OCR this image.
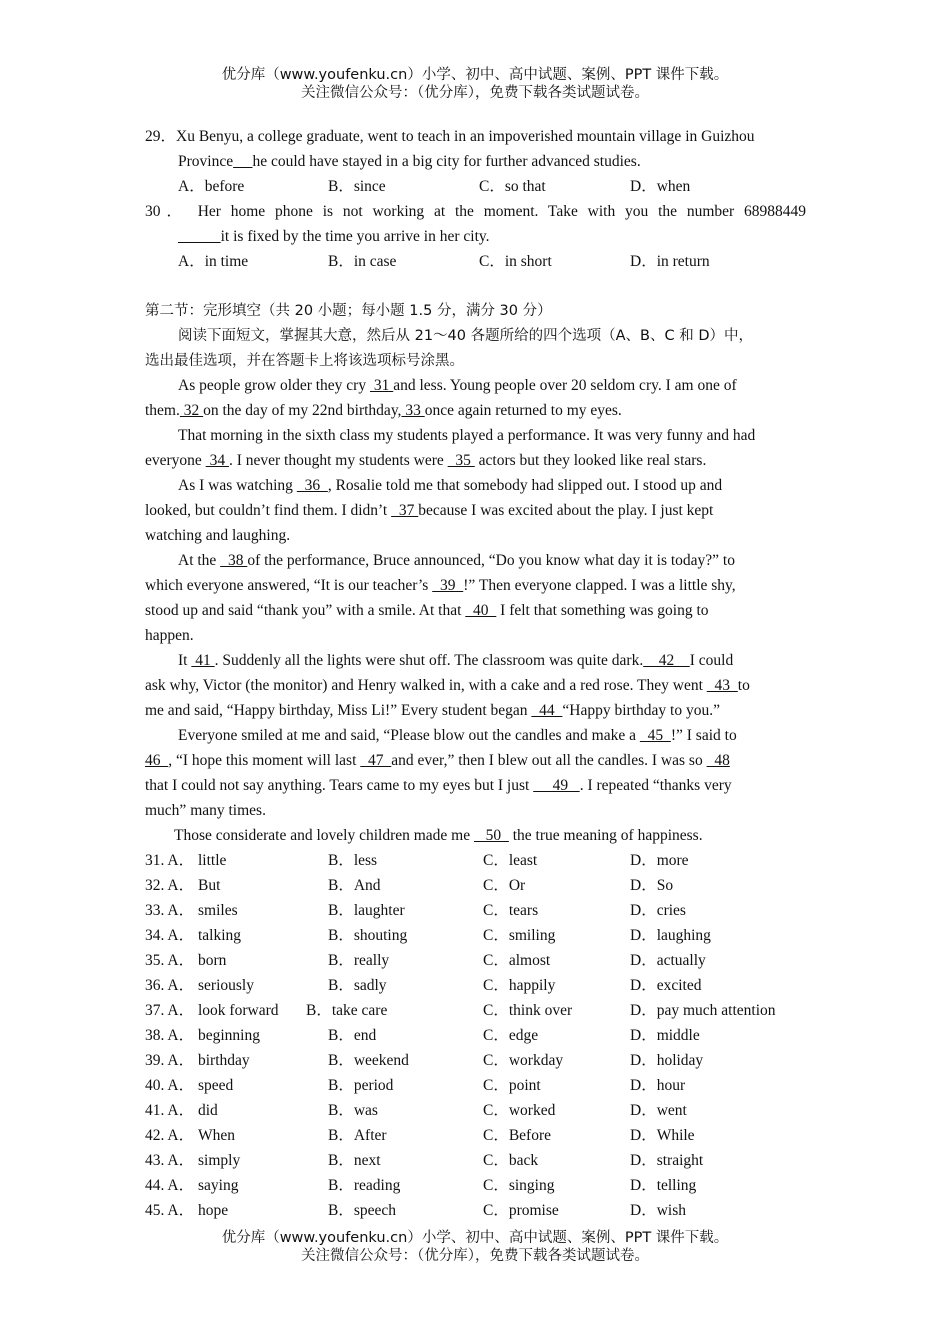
优分库（www.youfenku.cn）小学、初中、高中试题、案例、PPT 课件下载。
关注微信公众号：（优分库），免费下载各类试题试卷。
29．Xu Benyu, a college graduate, went to teach in an impoverished mountain village in Guizhou
Province he could have stayed in a big city for further advanced studies.
A．before	B．since	C．so that	D．when
30． Her home phone is not working at the moment. Take with you the number 68988449
it is fixed by the time you arrive in her city.
A．in time	B．in case	C．in short	D．in return
第二节：完形填空（共 20 小题；每小题 1.5 分，满分 30 分）
阅读下面短文，掌握其大意，然后从 21～40 各题所给的四个选项（A、B、C 和 D）中，
选出最佳选项，并在答题卡上将该选项标号涂黑。
As people grow older they cry  31 and less. Young people over 20 seldom cry. I am one of
them. 32 on the day of my 22nd birthday, 33 once again returned to my eyes.
That morning in the sixth class my students played a performance. It was very funny and had
everyone  34 . I never thought my students were   35  actors but they looked like real stars.
As I was watching   36  , Rosalie told me that somebody had slipped out. I stood up and
looked, but couldn’t find them. I didn’t   37 because I was excited about the play. I just kept
watching and laughing.
At the   38 of the performance, Bruce announced, “Do you know what day it is today?” to
which everyone answered, “It is our teacher’s   39  !” Then everyone clapped. I was a little shy,
stood up and said “thank you” with a smile. At that   40   I felt that something was going to
happen.
It  41 . Suddenly all the lights were shut off. The classroom was quite dark.    42    I could
ask why, Victor (the monitor) and Henry walked in, with a cake and a red rose. They went   43  to
me and said, “Happy birthday, Miss Li!” Every student began   44  “Happy birthday to you.”
Everyone smiled at me and said, “Please blow out the candles and make a   45  !” I said to
46  , “I hope this moment will last   47  and ever,” then I blew out all the candles. I was so   48
that I could not say anything. Tears came to my eyes but I just      49   . I repeated “thanks very
much” many times.
Those considerate and lovely children made me    50   the true meaning of happiness.
31. A． little	B．less	C．least	D．more
32. A． But	B．And	C．Or	D．So
33. A． smiles	B．laughter	C．tears	D．cries
34. A． talking	B．shouting	C．smiling	D．laughing
35. A． born	B．really	C．almost	D．actually
36. A． seriously	B．sadly	C．happily	D．excited
37. A． look forward B．take care	C．think over	D．pay much attention
38. A． beginning	B．end	C．edge	D．middle
39. A． birthday	B．weekend	C．workday	D．holiday
40. A． speed	B．period	C．point	D．hour
41. A． did	B．was	C．worked	D．went
42. A． When	B．After	C．Before	D．While
43. A． simply	B．next	C．back	D．straight
44. A． saying	B．reading	C．singing	D．telling
45. A． hope	B．speech	C．promise	D．wish
优分库（www.youfenku.cn）小学、初中、高中试题、案例、PPT 课件下载。
关注微信公众号：（优分库），免费下载各类试题试卷。
